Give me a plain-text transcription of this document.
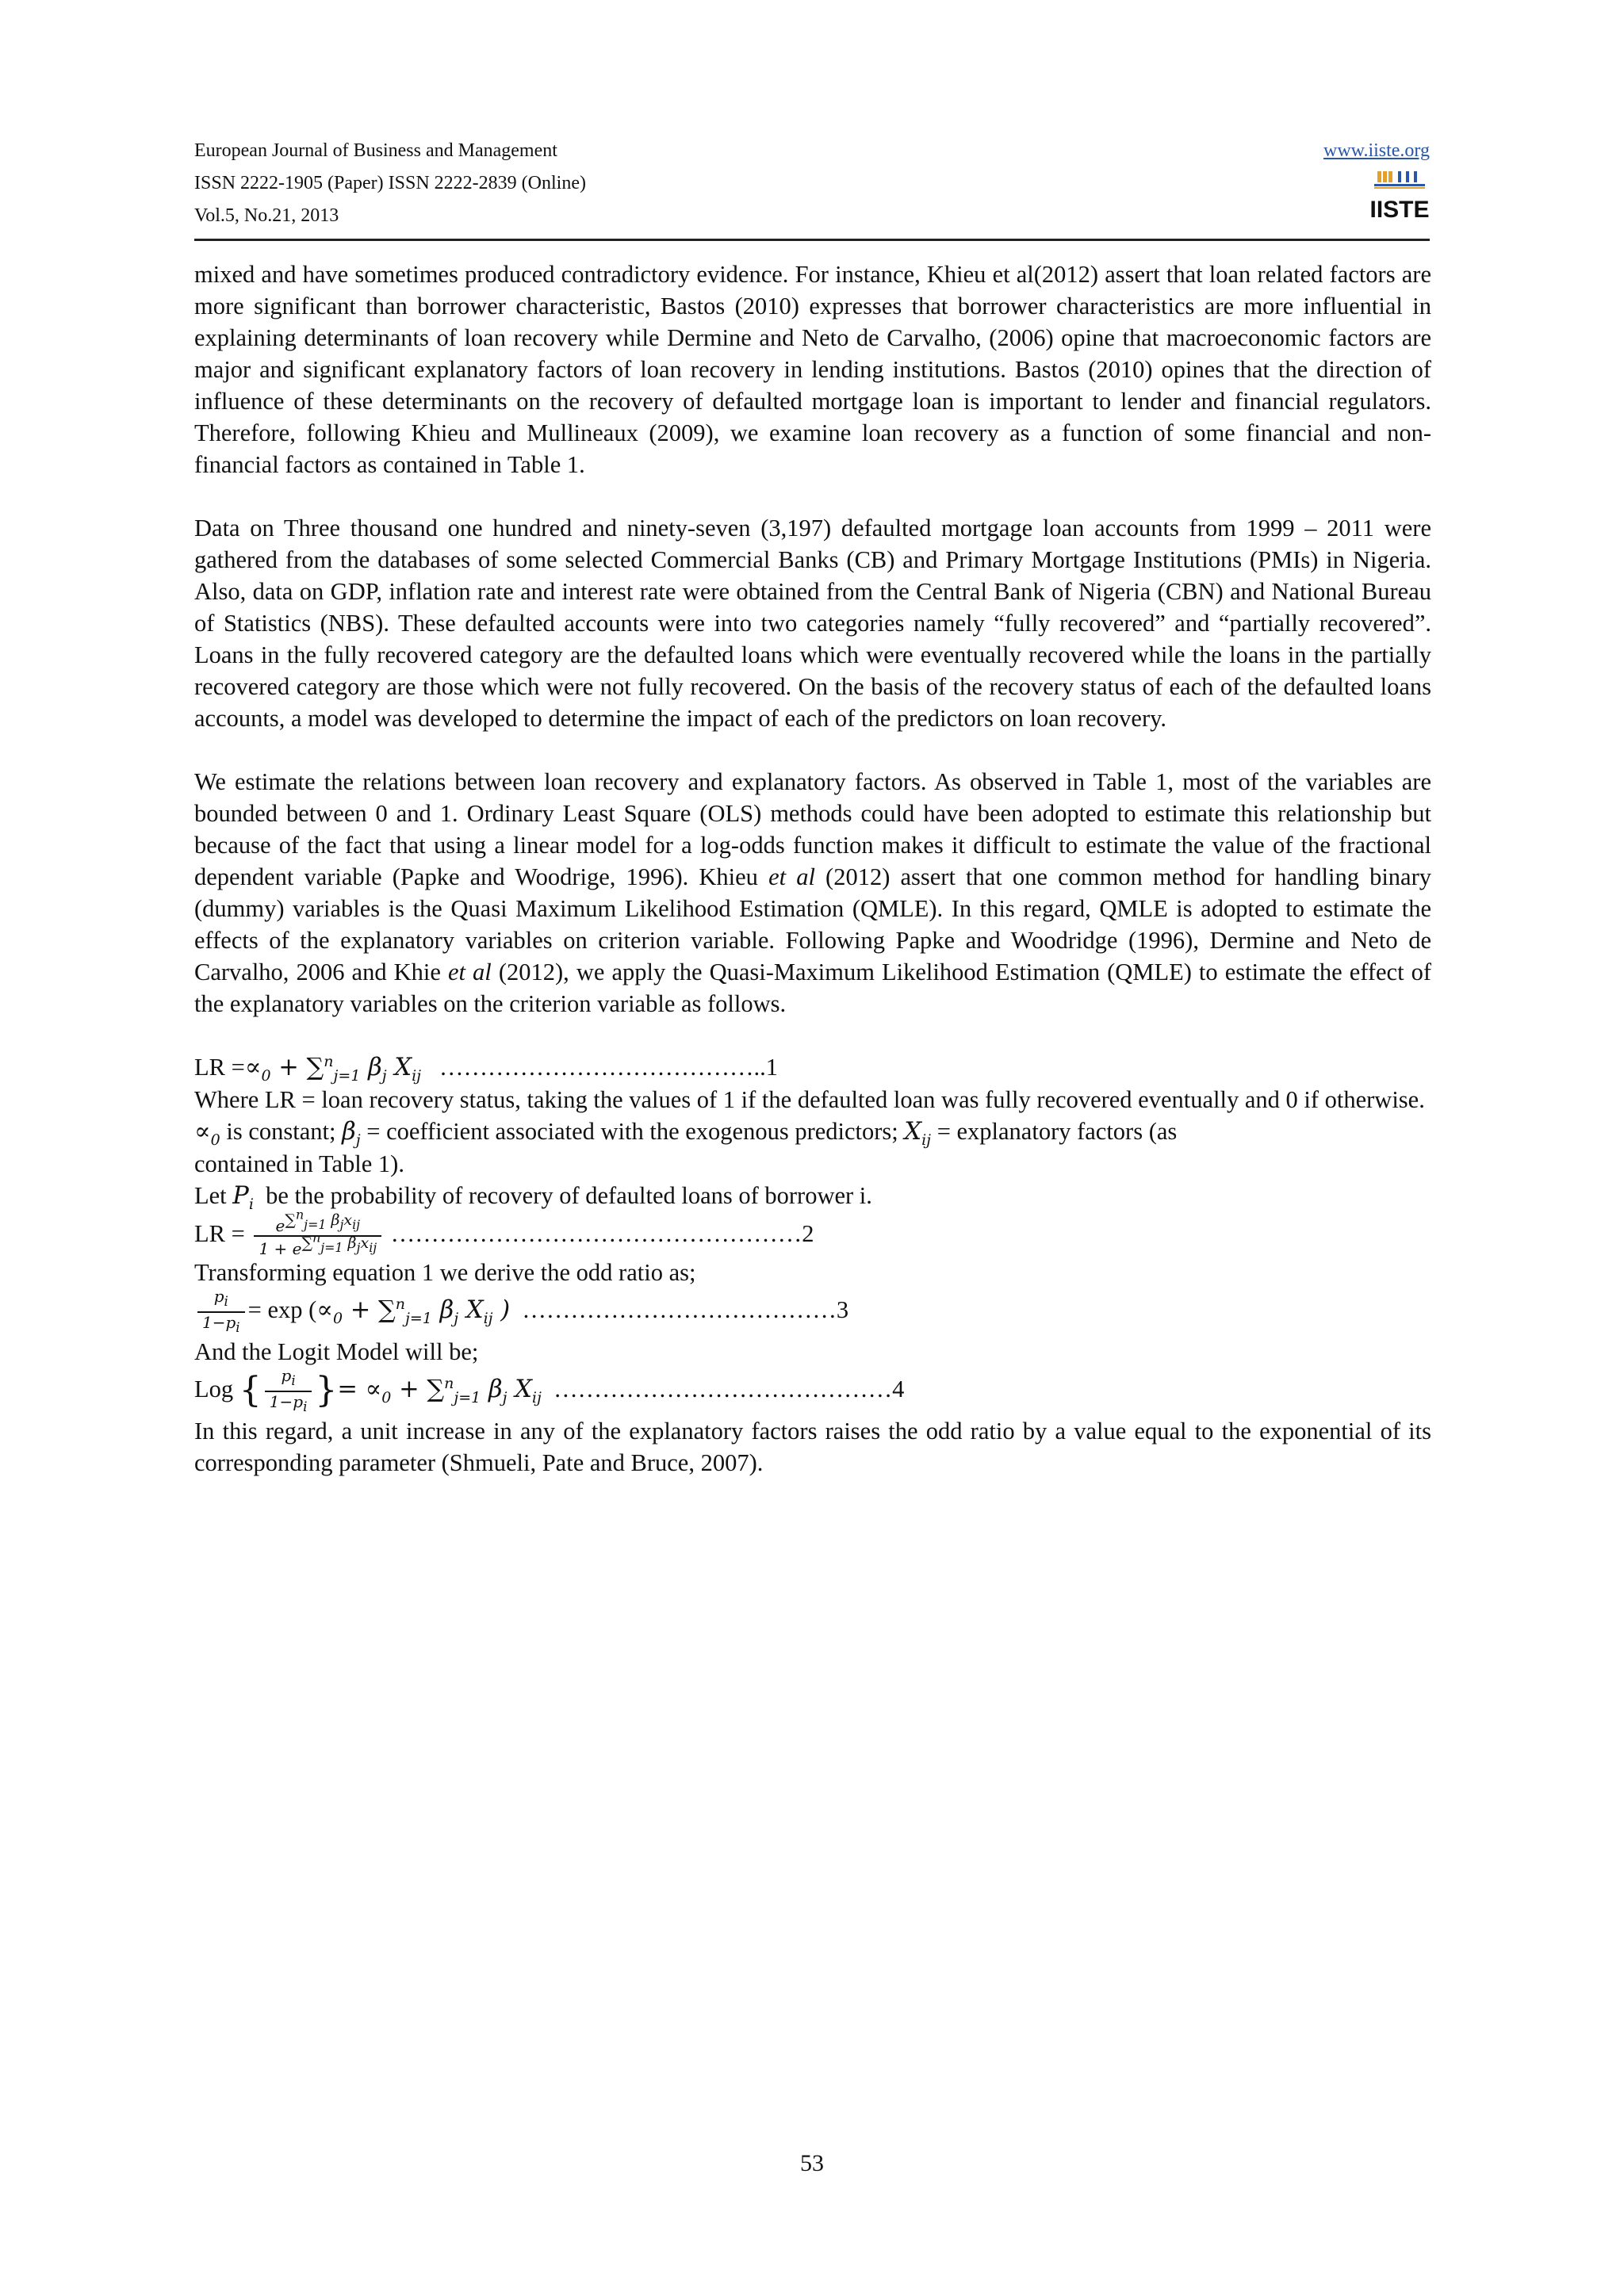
European Journal of Business and Management
ISSN 2222-1905 (Paper) ISSN 2222-2839 (Online)
Vol.5, No.21, 2013
www.iiste.org
IISTE

mixed and have sometimes produced contradictory evidence. For instance, Khieu et al(2012) assert that loan related factors are more significant than borrower characteristic, Bastos (2010) expresses that borrower characteristics are more influential in explaining determinants of loan recovery while Dermine and Neto de Carvalho, (2006) opine that macroeconomic factors are major and significant explanatory factors of loan recovery in lending institutions. Bastos (2010) opines that the direction of influence of these determinants on the recovery of defaulted mortgage loan is important to lender and financial regulators. Therefore, following Khieu and Mullineaux (2009), we examine loan recovery as a function of some financial and non-financial factors as contained in Table 1.

Data on Three thousand one hundred and ninety-seven (3,197) defaulted mortgage loan accounts from 1999 – 2011 were gathered from the databases of some selected Commercial Banks (CB) and Primary Mortgage Institutions (PMIs) in Nigeria. Also, data on GDP, inflation rate and interest rate were obtained from the Central Bank of Nigeria (CBN) and National Bureau of Statistics (NBS). These defaulted accounts were into two categories namely “fully recovered” and “partially recovered”. Loans in the fully recovered category are the defaulted loans which were eventually recovered while the loans in the partially recovered category are those which were not fully recovered. On the basis of the recovery status of each of the defaulted loans accounts, a model was developed to determine the impact of each of the predictors on loan recovery.

We estimate the relations between loan recovery and explanatory factors. As observed in Table 1, most of the variables are bounded between 0 and 1. Ordinary Least Square (OLS) methods could have been adopted to estimate this relationship but because of the fact that using a linear model for a log-odds function makes it difficult to estimate the value of the fractional dependent variable (Papke and Woodrige, 1996). Khieu et al (2012) assert that one common method for handling binary (dummy) variables is the Quasi Maximum Likelihood Estimation (QMLE). In this regard, QMLE is adopted to estimate the effects of the explanatory variables on criterion variable. Following Papke and Woodridge (1996), Dermine and Neto de Carvalho, 2006 and Khie et al (2012), we apply the Quasi-Maximum Likelihood Estimation (QMLE) to estimate the effect of the explanatory variables on the criterion variable as follows.

LR $=\propto_0 + \sum^n_{j=1}$ $\beta_j$ $X_{ij}$ …………………………………..1
Where LR = loan recovery status, taking the values of 1 if the defaulted loan was fully recovered eventually and 0 if otherwise.
$\propto_0$ is constant; $\beta_j$ = coefficient associated with the exogenous predictors; $X_{ij}$ = explanatory factors (as
contained in Table 1).
Let $P_i$ be the probability of recovery of defaulted loans of borrower i.
LR = $\frac{e^{\sum^n_{j=1} \beta_jx_{ij}}}{1 + e^{\sum^n_{j=1} \beta_jx_{ij}}}$ ……………………………………………2
Transforming equation 1 we derive the odd ratio as;
$\frac{p_i}{1-p_i} = \exp (\propto_0 + \sum^n_{j=1}$ $\beta_j$ $X_{ij}$ ) …………………………………3
And the Logit Model will be;
Log { $\frac{p_i}{1-p_i}$ }= $\propto_0 + \sum^n_{j=1}$ $\beta_j$ $X_{ij}$ ……………………………………4

In this regard, a unit increase in any of the explanatory factors raises the odd ratio by a value equal to the exponential of its corresponding parameter (Shmueli, Pate and Bruce, 2007).

53
